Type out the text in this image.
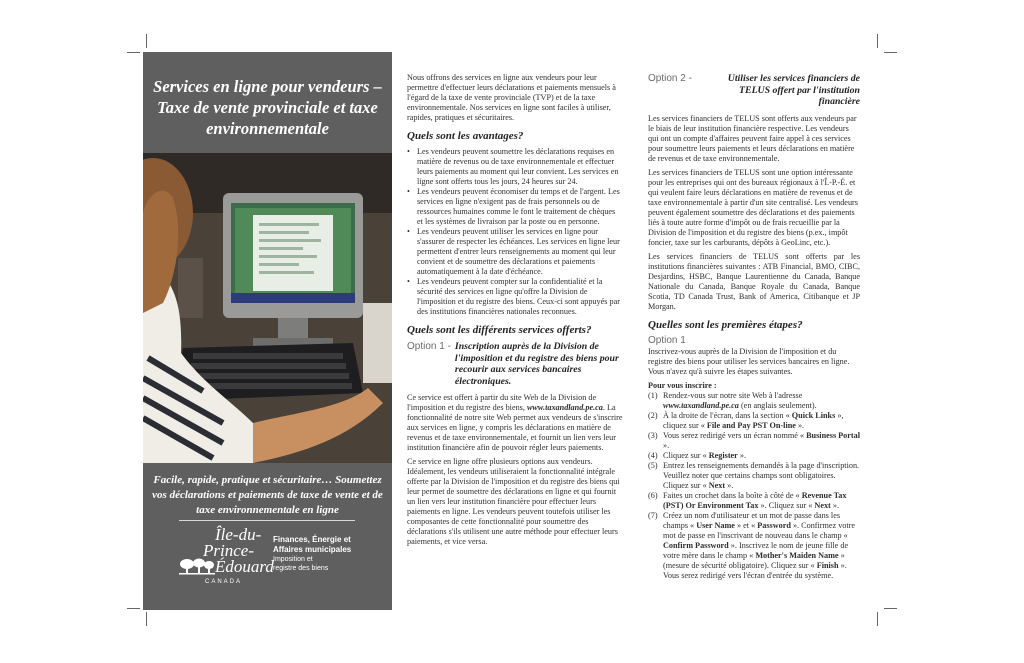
Services en ligne pour vendeurs – Taxe de vente provinciale et taxe environnementale
Facile, rapide, pratique et sécuritaire… Soumettez vos déclarations et paiements de taxe de vente et de taxe environnementale en ligne
Île-du-
Prince-
Édouard
CANADA
Finances, Énergie et
Affaires municipales
Imposition et
registre des biens

Nous offrons des services en ligne aux vendeurs pour leur permettre d'effectuer leurs déclarations et paiements mensuels à l'égard de la taxe de vente provinciale (TVP) et de la taxe environnementale. Nos services en ligne sont faciles à utiliser, rapides, pratiques et sécuritaires.

Quels sont les avantages?
• Les vendeurs peuvent soumettre les déclarations requises en matière de revenus ou de taxe environnementale et effectuer leurs paiements au moment qui leur convient. Les services en ligne sont offerts tous les jours, 24 heures sur 24.
• Les vendeurs peuvent économiser du temps et de l'argent. Les services en ligne n'exigent pas de frais personnels ou de ressources humaines comme le font le traitement de chèques et les systèmes de livraison par la poste ou en personne.
• Les vendeurs peuvent utiliser les services en ligne pour s'assurer de respecter les échéances. Les services en ligne leur permettent d'entrer leurs renseignements au moment qui leur convient et de soumettre des déclarations et paiements automatiquement à la date d'échéance.
• Les vendeurs peuvent compter sur la confidentialité et la sécurité des services en ligne qu'offre la Division de l'imposition et du registre des biens. Ceux-ci sont appuyés par des institutions financières nationales reconnues.
Quels sont les différents services offerts?
Option 1 - Inscription auprès de la Division de l'imposition et du registre des biens pour recourir aux services bancaires électroniques.

Ce service est offert à partir du site Web de la Division de l'imposition et du registre des biens, www.taxandland.pe.ca. La fonctionnalité de notre site Web permet aux vendeurs de s'inscrire aux services en ligne, y compris les déclarations en matière de revenus et de taxe environnementale, et fournit un lien vers leur institution financière afin de pouvoir régler leurs paiements.

Ce service en ligne offre plusieurs options aux vendeurs. Idéalement, les vendeurs utiliseraient la fonctionnalité intégrale offerte par la Division de l'imposition et du registre des biens qui leur permet de soumettre des déclarations en ligne et qui fournit un lien vers leur institution financière pour effectuer leurs paiements en ligne. Les vendeurs peuvent toutefois utiliser les composantes de cette fonctionnalité pour soumettre des déclarations s'ils utilisent une autre méthode pour effectuer leurs paiements, et vice versa.

Option 2 -	Utiliser les services financiers de TELUS offert par l'institution financière

Les services financiers de TELUS sont offerts aux vendeurs par le biais de leur institution financière respective. Les vendeurs qui ont un compte d'affaires peuvent faire appel à ces services pour soumettre leurs paiements et leurs déclarations en matière de revenus et de taxe environnementale.

Les services financiers de TELUS sont une option intéressante pour les entreprises qui ont des bureaux régionaux à l'Î.-P.-É. et qui veulent faire leurs déclarations en matière de revenus et de taxe environnementale à partir d'un site centralisé. Les vendeurs peuvent également soumettre des déclarations et des paiements liés à toute autre forme d'impôt ou de frais recueillie par la Division de l'imposition et du registre des biens (p.ex., impôt foncier, taxe sur les carburants, dépôts à GeoLinc, etc.).

Les services financiers de TELUS sont offerts par les institutions financières suivantes : ATB Financial, BMO, CIBC, Desjardins, HSBC, Banque Laurentienne du Canada, Banque Nationale du Canada, Banque Royale du Canada, Banque Scotia, TD Canada Trust, Bank of America, Citibanque et JP Morgan.

Quelles sont les premières étapes?
Option 1

Inscrivez-vous auprès de la Division de l'imposition et du registre des biens pour utiliser les services bancaires en ligne. Vous n'avez qu'à suivre les étapes suivantes.

Pour vous inscrire :
(1) Rendez-vous sur notre site Web à l'adresse www.taxandland.pe.ca (en anglais seulement).
(2) À la droite de l'écran, dans la section « Quick Links », cliquez sur « File and Pay PST On-line ».
(3) Vous serez redirigé vers un écran nommé « Business Portal ».
(4) Cliquez sur « Register ».
(5) Entrez les renseignements demandés à la page d'inscription. Veuillez noter que certains champs sont obligatoires. Cliquez sur « Next ».
(6) Faites un crochet dans la boîte à côté de « Revenue Tax (PST) Or Environment Tax ». Cliquez sur « Next ».
(7) Créez un nom d'utilisateur et un mot de passe dans les champs « User Name » et « Password ». Confirmez votre mot de passe en l'inscrivant de nouveau dans le champ « Confirm Password ». Inscrivez le nom de jeune fille de votre mère dans le champ « Mother's Maiden Name » (mesure de sécurité obligatoire). Cliquez sur « Finish ». Vous serez redirigé vers l'écran d'entrée du système.
